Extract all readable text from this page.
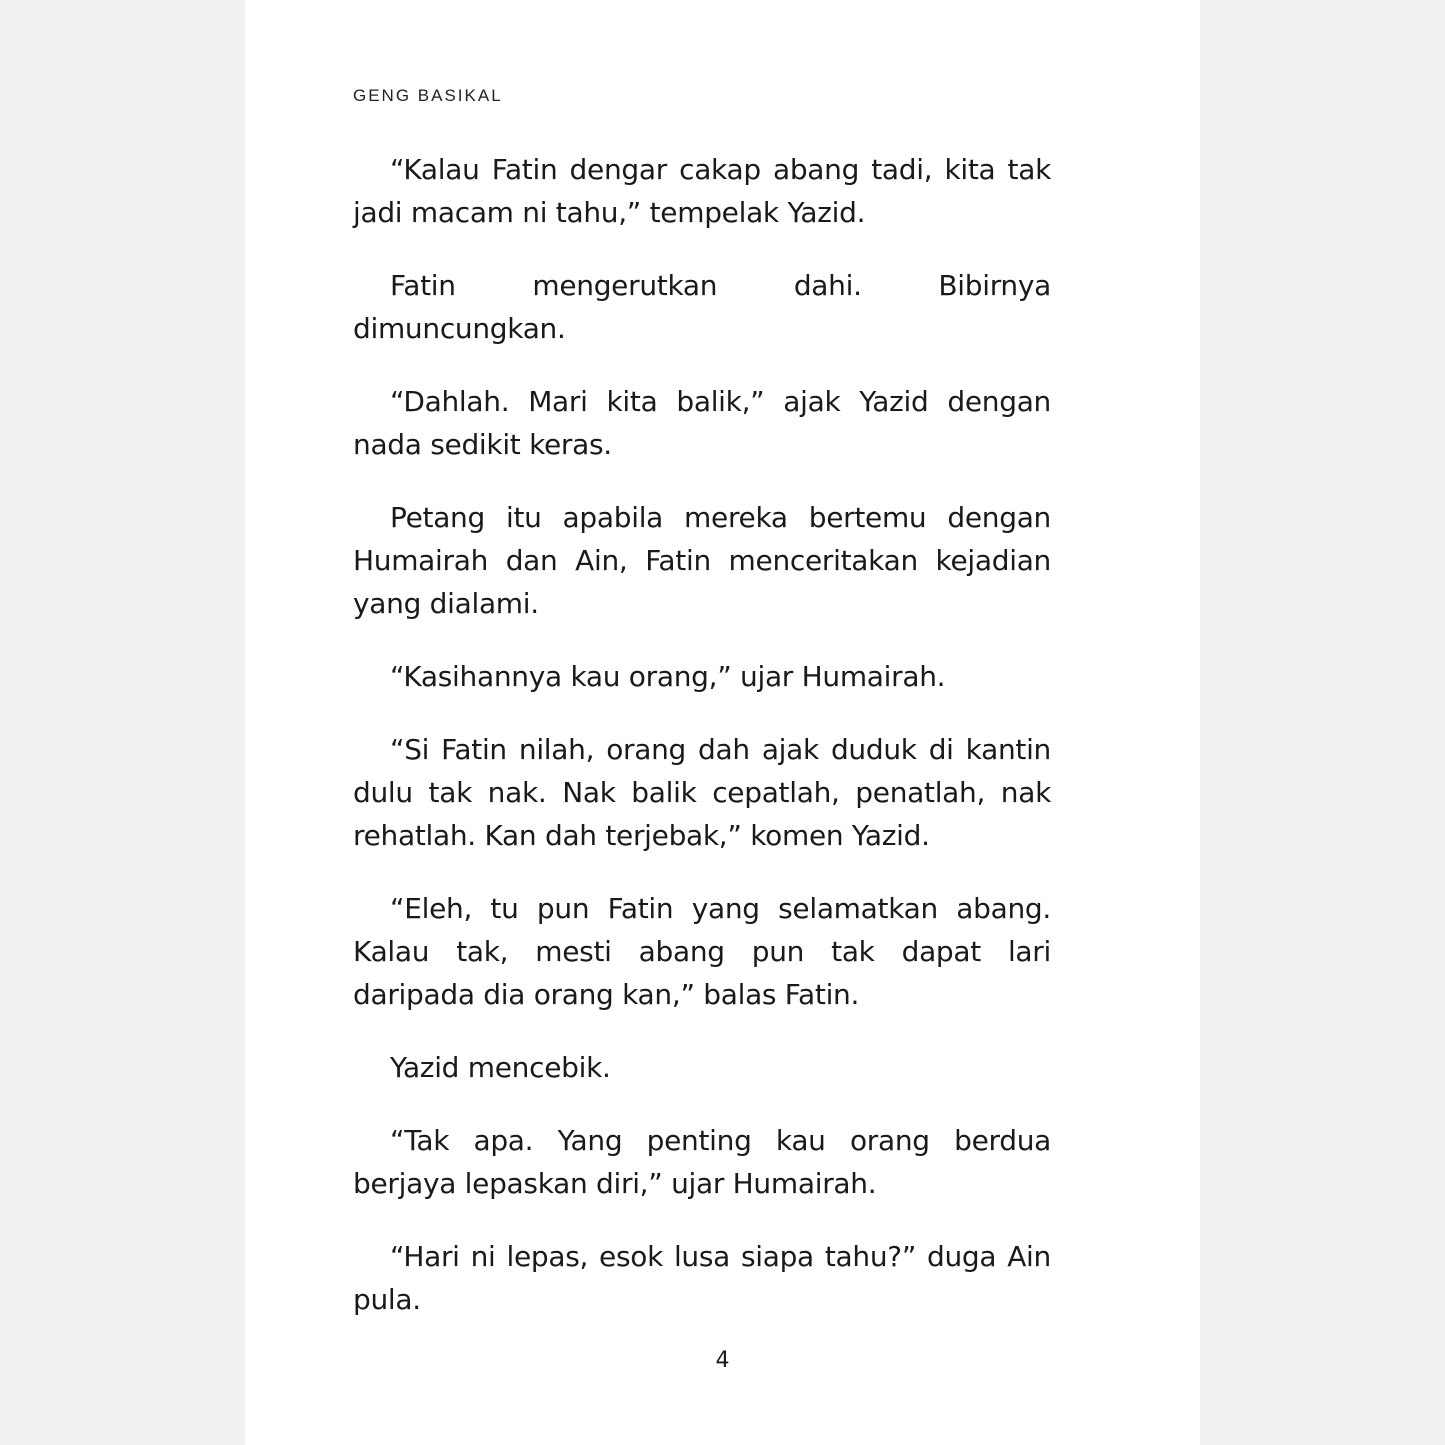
GENG BASIKAL

“Kalau Fatin dengar cakap abang tadi, kita tak jadi macam ni tahu,” tempelak Yazid.

Fatin mengerutkan dahi. Bibirnya dimuncungkan.

“Dahlah. Mari kita balik,” ajak Yazid dengan nada sedikit keras.

Petang itu apabila mereka bertemu dengan Humairah dan Ain, Fatin menceritakan kejadian yang dialami.

“Kasihannya kau orang,” ujar Humairah.

“Si Fatin nilah, orang dah ajak duduk di kantin dulu tak nak. Nak balik cepatlah, penatlah, nak rehatlah. Kan dah terjebak,” komen Yazid.

“Eleh, tu pun Fatin yang selamatkan abang. Kalau tak, mesti abang pun tak dapat lari daripada dia orang kan,” balas Fatin.

Yazid mencebik.

“Tak apa. Yang penting kau orang berdua berjaya lepaskan diri,” ujar Humairah.

“Hari ni lepas, esok lusa siapa tahu?” duga Ain pula.

4
